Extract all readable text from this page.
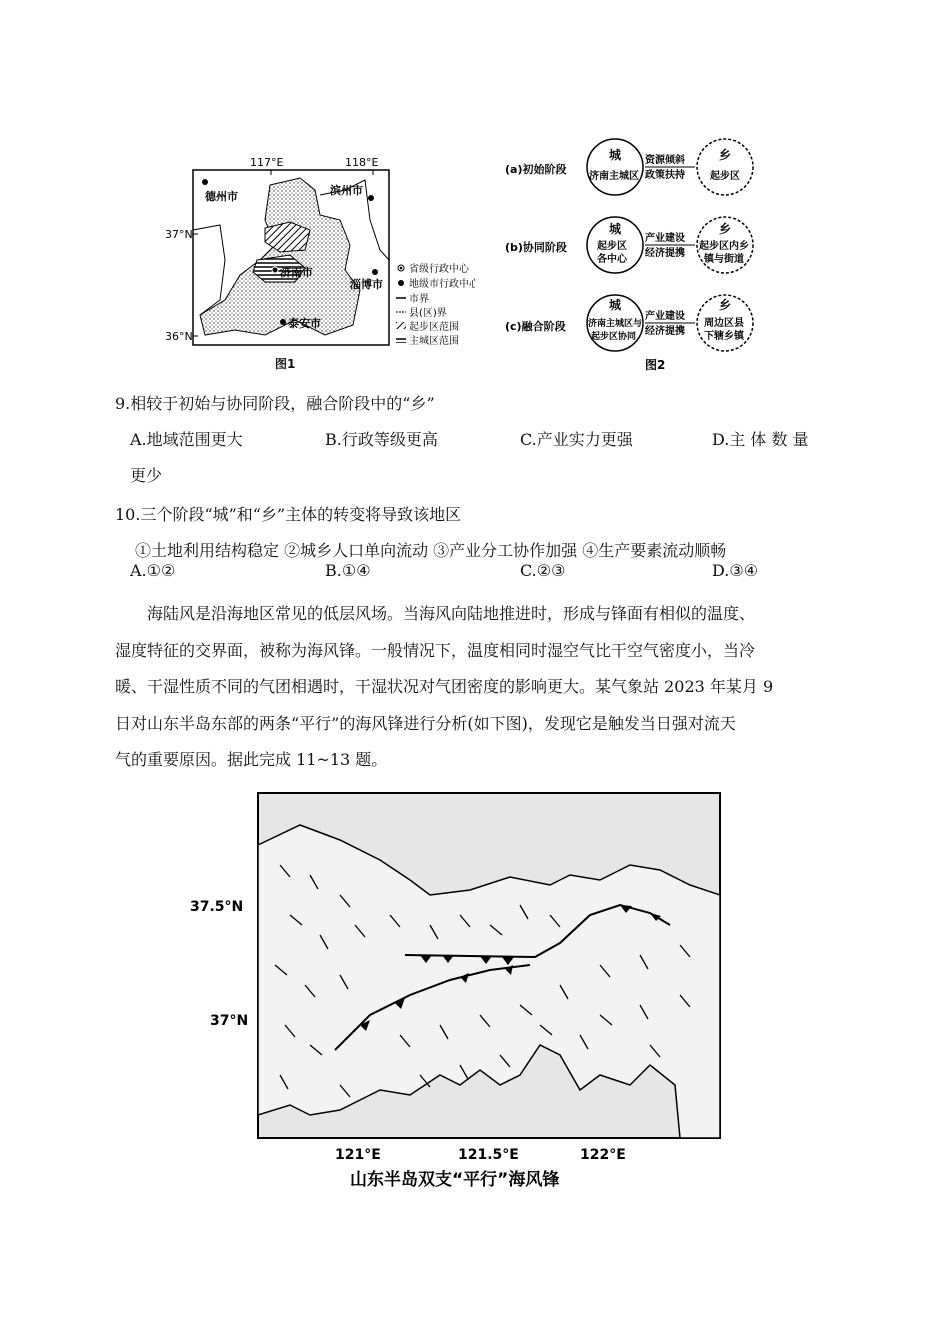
117°E	118°E
37°N
36°N
德州市	滨州市
济南市
淄博市
泰安市
省级行政中心
地级市行政中心
市界
县(区)界
起步区范围
主城区范围
图1
(a)初始阶段
城
济南主城区
资源倾斜
政策扶持
乡
起步区
(b)协同阶段
城
起步区
各中心
产业建设
经济提携
乡
起步区内乡
镇与街道
(c)融合阶段
城
济南主城区与
起步区协同
产业建设
经济提携
乡
周边区县
下辖乡镇
图2
9.相较于初始与协同阶段，融合阶段中的“乡”
A.地域范围更大	B.行政等级更高	C.产业实力更强	D.主 体 数 量
更少
10.三个阶段“城”和“乡”主体的转变将导致该地区
①土地利用结构稳定 ②城乡人口单向流动 ③产业分工协作加强 ④生产要素流动顺畅
A.①②	B.①④	C.②③	D.③④

海陆风是沿海地区常见的低层风场。当海风向陆地推进时，形成与锋面有相似的温度、

湿度特征的交界面，被称为海风锋。一般情况下，温度相同时湿空气比干空气密度小，当冷
暖、干湿性质不同的气团相遇时，干湿状况对气团密度的影响更大。某气象站 2023 年某月 9
日对山东半岛东部的两条“平行”的海风锋进行分析(如下图)，发现它是触发当日强对流天
气的重要原因。据此完成 11~13 题。
37.5°N
37°N
121°E	121.5°E	122°E
山东半岛双支“平行”海风锋
